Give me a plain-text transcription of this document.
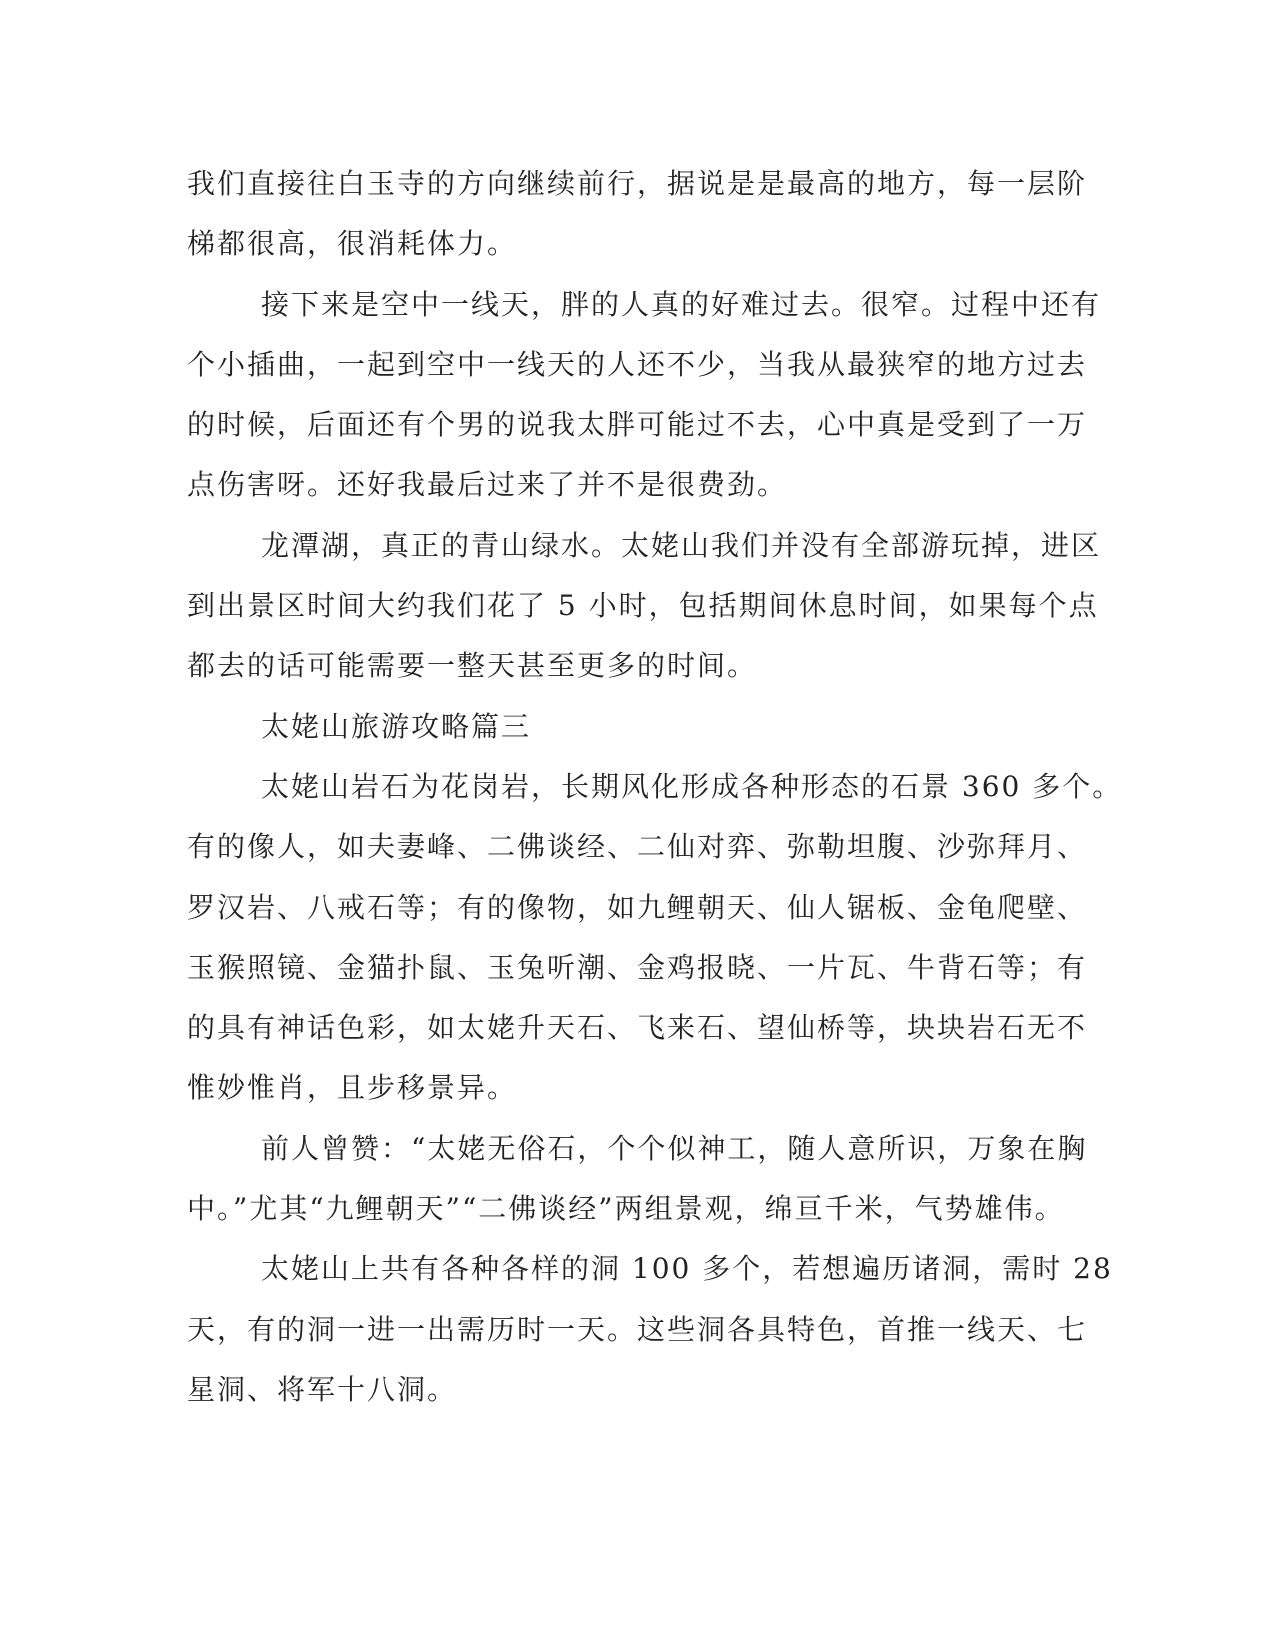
我们直接往白玉寺的方向继续前行，据说是是最高的地方，每一层阶
梯都很高，很消耗体力。
接下来是空中一线天，胖的人真的好难过去。很窄。过程中还有
个小插曲，一起到空中一线天的人还不少，当我从最狭窄的地方过去
的时候，后面还有个男的说我太胖可能过不去，心中真是受到了一万
点伤害呀。还好我最后过来了并不是很费劲。
龙潭湖，真正的青山绿水。太姥山我们并没有全部游玩掉，进区
到出景区时间大约我们花了 5 小时，包括期间休息时间，如果每个点
都去的话可能需要一整天甚至更多的时间。
太姥山旅游攻略篇三
太姥山岩石为花岗岩，长期风化形成各种形态的石景 360 多个。
有的像人，如夫妻峰、二佛谈经、二仙对弈、弥勒坦腹、沙弥拜月、
罗汉岩、八戒石等；有的像物，如九鲤朝天、仙人锯板、金龟爬壁、
玉猴照镜、金猫扑鼠、玉兔听潮、金鸡报晓、一片瓦、牛背石等；有
的具有神话色彩，如太姥升天石、飞来石、望仙桥等，块块岩石无不
惟妙惟肖，且步移景异。
前人曾赞：“太姥无俗石，个个似神工，随人意所识，万象在胸
中。”尤其“九鲤朝天”“二佛谈经”两组景观，绵亘千米，气势雄伟。
太姥山上共有各种各样的洞 100 多个，若想遍历诸洞，需时 28
天，有的洞一进一出需历时一天。这些洞各具特色，首推一线天、七
星洞、将军十八洞。
